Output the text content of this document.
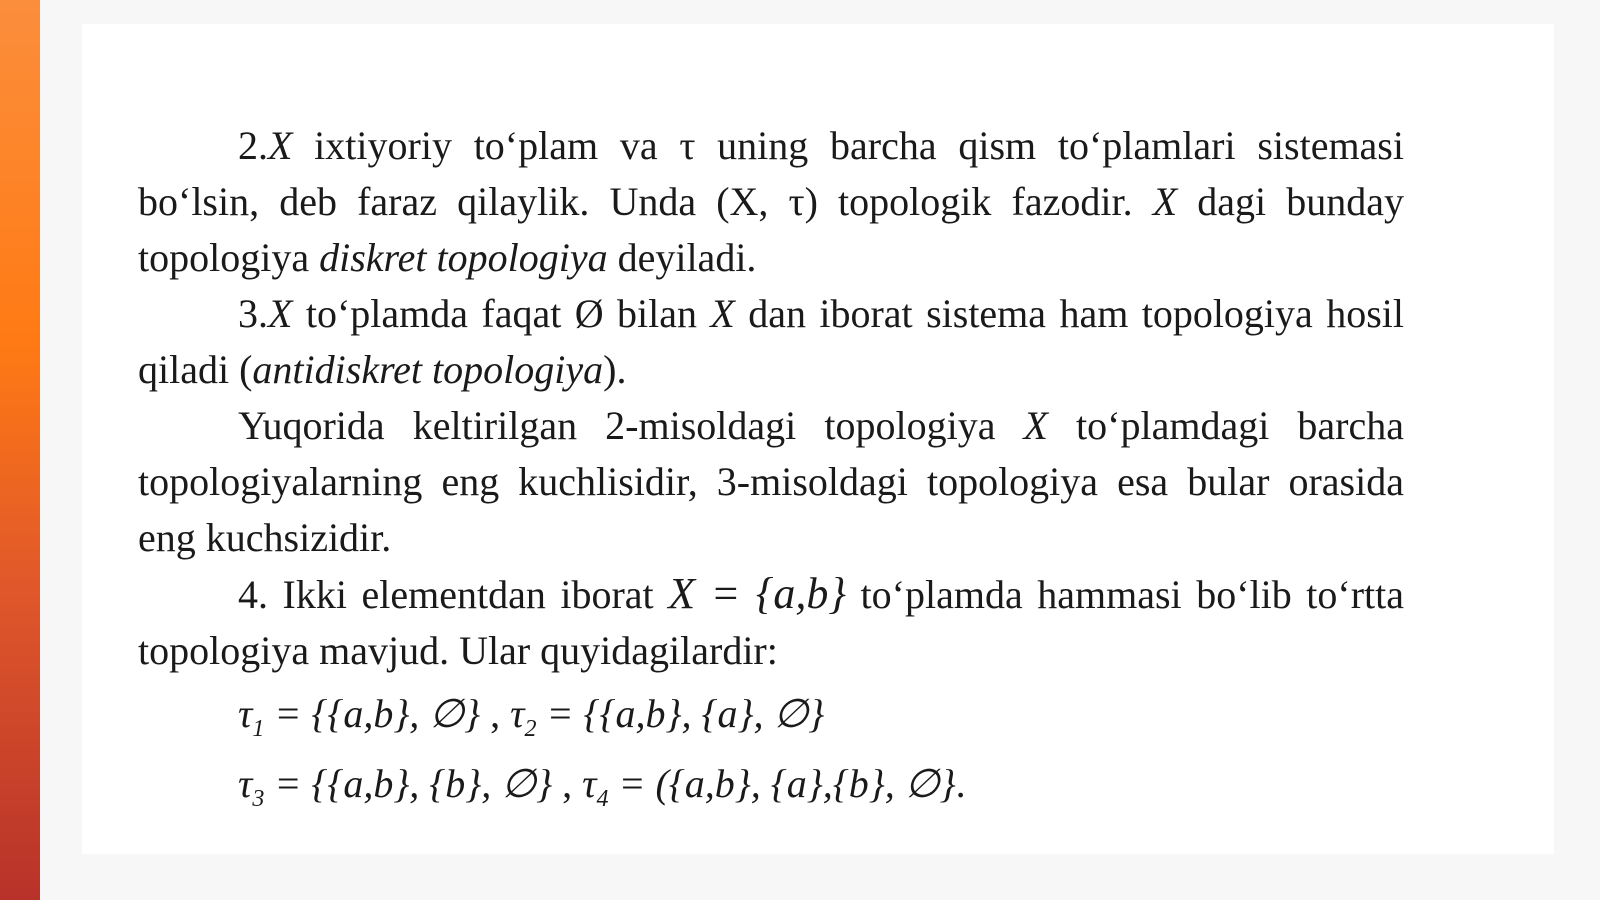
2.X ixtiyoriy to‘plam va τ uning barcha qism to‘plamlari sistemasi bo‘lsin, deb faraz qilaylik. Unda (X, τ) topologik fazodir. X dagi bunday topologiya diskret topologiya deyiladi.

3.X to‘plamda faqat Ø bilan X dan iborat sistema ham topologiya hosil qiladi (antidiskret topologiya).

Yuqorida keltirilgan 2-misoldagi topologiya X to‘plamdagi barcha topologiyalarning eng kuchlisidir, 3-misoldagi topologiya esa bular orasida eng kuchsizidir.

4. Ikki elementdan iborat X = {a,b} to‘plamda hammasi bo‘lib to‘rtta topologiya mavjud. Ular quyidagilardir:

$\tau_1 = \{\{a,b\}$, ∅} , $\tau_2 = \{\{a,b\}$, {a}, ∅}
$\tau_3 = \{\{a,b\}$, {b}, ∅} , $\tau_4 = (\{a,b\}$, {a},{b}, ∅}.
